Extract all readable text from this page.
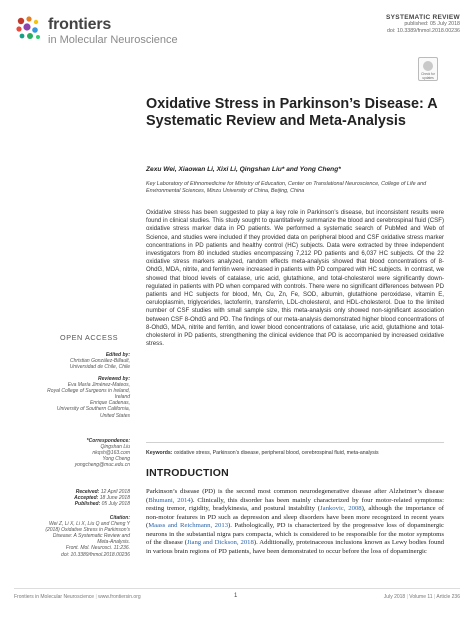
frontiers
in Molecular Neuroscience
SYSTEMATIC REVIEW
published: 05 July 2018
doi: 10.3389/fnmol.2018.00236
Check for updates
Oxidative Stress in Parkinson’s Disease: A Systematic Review and Meta-Analysis
Zexu Wei, Xiaowan Li, Xixi Li, Qingshan Liu* and Yong Cheng*
Key Laboratory of Ethnomedicine for Ministry of Education, Center on Translational Neuroscience, College of Life and Environmental Sciences, Minzu University of China, Beijing, China

Oxidative stress has been suggested to play a key role in Parkinson’s disease, but inconsistent results were found in clinical studies. This study sought to quantitatively summarize the blood and cerebrospinal fluid (CSF) oxidative stress marker data in PD patients. We performed a systematic search of PubMed and Web of Science, and studies were included if they provided data on peripheral blood and CSF oxidative stress marker concentrations in PD patients and healthy control (HC) subjects. Data were extracted by three independent investigators from 80 included studies encompassing 7,212 PD patients and 6,037 HC subjects. Of the 22 oxidative stress markers analyzed, random effects meta-analysis showed that blood concentrations of 8-OhdG, MDA, nitrite, and ferritin were increased in patients with PD compared with HC subjects. In contrast, we showed that blood levels of catalase, uric acid, glutathione, and total-cholesterol were significantly down-regulated in patients with PD when compared with controls. There were no significant differences between PD patients and HC subjects for blood, Mn, Cu, Zn, Fe, SOD, albumin, glutathione peroxidase, vitamin E, ceruloplasmin, triglycerides, lactoferrin, transferrin, LDL-cholesterol, and HDL-cholesterol. Due to the limited number of CSF studies with small sample size, this meta-analysis only showed non-significant association between CSF 8-OhdG and PD. The findings of our meta-analysis demonstrated higher blood concentrations of 8-OhdG, MDA, nitrite and ferritin, and lower blood concentrations of catalase, uric acid, glutathione and total-cholesterol in PD patients, strengthening the clinical evidence that PD is accompanied by increased oxidative stress.

Keywords: oxidative stress, Parkinson’s disease, peripheral blood, cerebrospinal fluid, meta-analysis
OPEN ACCESS
Edited by:
Christian González-Billault,
Universidad de Chile, Chile
Reviewed by:
Eva María Jiménez-Mateos,
Royal College of Surgeons in Ireland,
Ireland
Enrique Cadenas,
University of Southern California,
United States
*Correspondence:
Qingshan Liu
nkqsh@163.com
Yong Cheng
yongcheng@muc.edu.cn
Received: 12 April 2018
Accepted: 18 June 2018
Published: 05 July 2018
Citation:
Wei Z, Li X, Li X, Liu Q and Cheng Y
(2018) Oxidative Stress in Parkinson’s
Disease: A Systematic Review and
Meta-Analysis.
Front. Mol. Neurosci. 11:236.
doi: 10.3389/fnmol.2018.00236
INTRODUCTION

Parkinson’s disease (PD) is the second most common neurodegenerative disease after Alzheimer’s disease (Bhumani, 2014). Clinically, this disorder has been mainly characterized by four motor-related symptoms: resting tremor, rigidity, bradykinesia, and postural instability (Jankovic, 2008), although the importance of non-motor features in PD such as depression and sleep disorders have been more recognized in recent years (Maass and Reichmann, 2013). Pathologically, PD is characterized by the progressive loss of dopaminergic neurons in the substantial nigra pars compacta, which is considered to be responsible for the motor symptoms of the disease (Jiang and Dickson, 2018). Additionally, proteinaceous inclusions known as Lewy bodies found in various brain regions of PD patients, have been demonstrated to occur before the loss of dopaminergic

Frontiers in Molecular Neuroscience | www.frontiersin.org	1	July 2018 | Volume 11 | Article 236
